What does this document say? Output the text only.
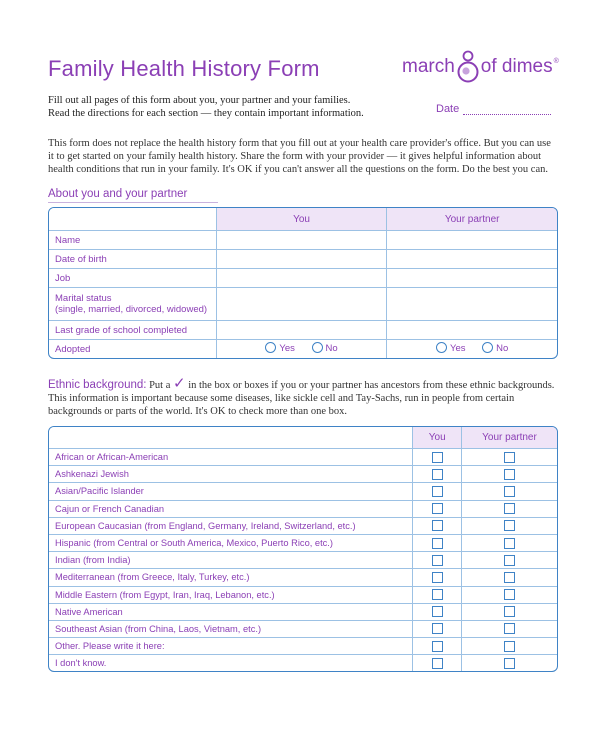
Family Health History Form	march of dimes ®
Fill out all pages of this form about you, your partner and your families.
Read the directions for each section — they contain important information.	Date
This form does not replace the health history form that you fill out at your health care provider's office. But you can use it to get started on your family health history. Share the form with your provider — it gives helpful information about health conditions that run in your family. It's OK if you can't answer all the questions on the form. Do the best you can.
About you and your partner
	You	Your partner
Name		
Date of birth		
Job		

Marital status
(single, married, divorced, widowed)		

Last grade of school completed		
Adopted	Yes No	Yes No
Ethnic background: Put a ✓ in the box or boxes if you or your partner has ancestors from these ethnic backgrounds. This information is important because some diseases, like sickle cell and Tay-Sachs, run in people from certain backgrounds or parts of the world. It's OK to check more than one box.
	You	Your partner
African or African-American		
Ashkenazi Jewish		
Asian/Pacific Islander		
Cajun or French Canadian		
European Caucasian (from England, Germany, Ireland, Switzerland, etc.)		
Hispanic (from Central or South America, Mexico, Puerto Rico, etc.)		
Indian (from India)		
Mediterranean (from Greece, Italy, Turkey, etc.)		
Middle Eastern (from Egypt, Iran, Iraq, Lebanon, etc.)		
Native American		
Southeast Asian (from China, Laos, Vietnam, etc.)		
Other. Please write it here:		
I don't know.		
